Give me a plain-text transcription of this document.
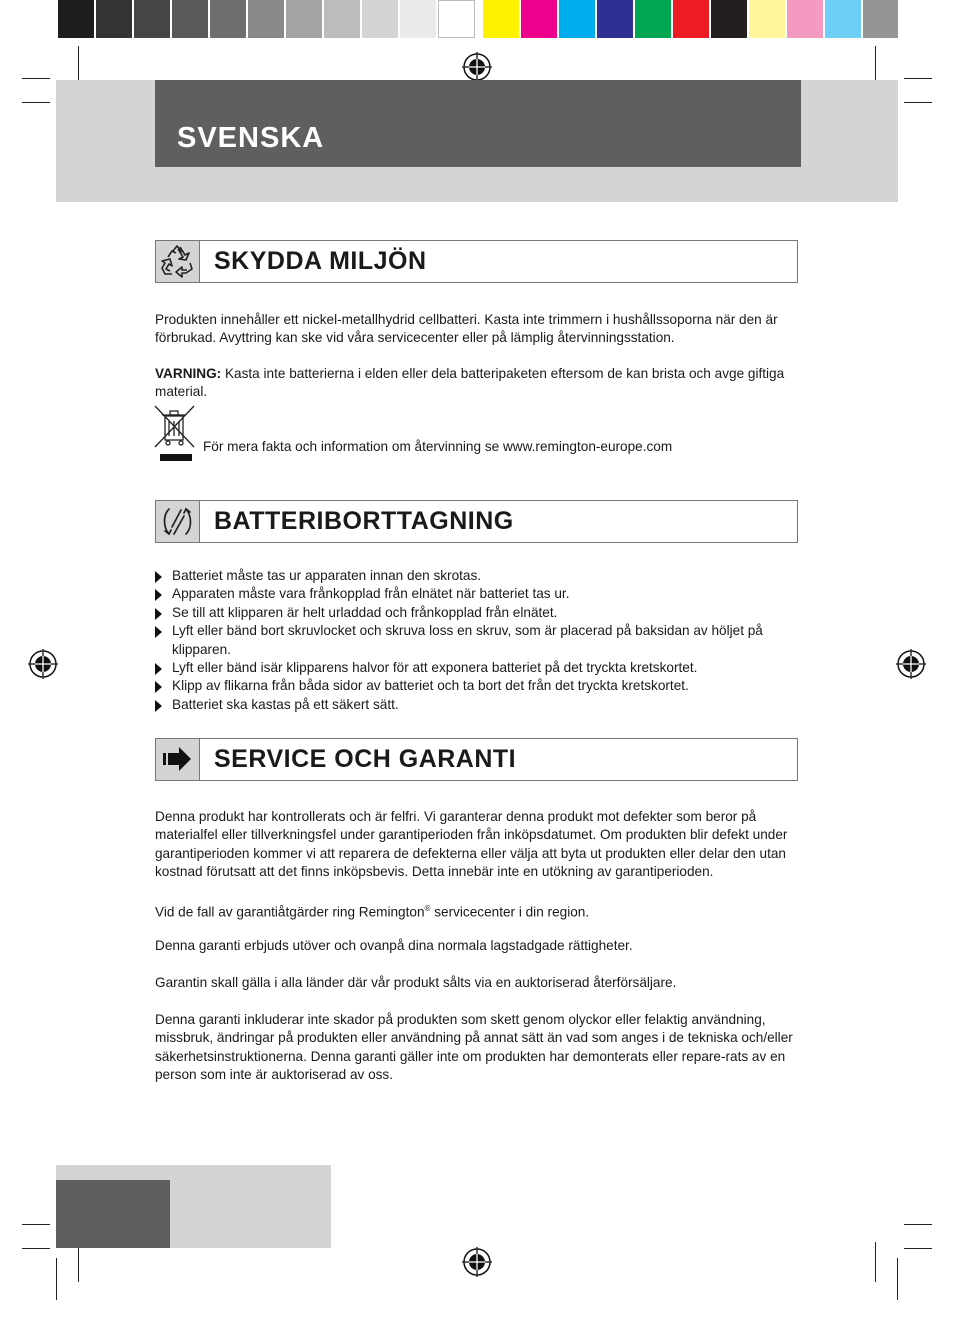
SVENSKA
SKYDDA MILJÖN

Produkten innehåller ett nickel-metallhydrid cellbatteri. Kasta inte trimmern i hushållssoporna när den är förbrukad. Avyttring kan ske vid våra servicecenter eller på lämplig återvinningsstation.

VARNING: Kasta inte batterierna i elden eller dela batteripaketen eftersom de kan brista och avge giftiga material.

För mera fakta och information om återvinning se www.remington-europe.com

BATTERIBORTTAGNING
Batteriet måste tas ur apparaten innan den skrotas.
Apparaten måste vara frånkopplad från elnätet när batteriet tas ur.
Se till att klipparen är helt urladdad och frånkopplad från elnätet.
Lyft eller bänd bort skruvlocket och skruva loss en skruv, som är placerad på baksidan av höljet på klipparen.
Lyft eller bänd isär klipparens halvor för att exponera batteriet på det tryckta kretskortet.
Klipp av flikarna från båda sidor av batteriet och ta bort det från det tryckta kretskortet.
Batteriet ska kastas på ett säkert sätt.
SERVICE OCH GARANTI

Denna produkt har kontrollerats och är felfri. Vi garanterar denna produkt mot defekter som beror på materialfel eller tillverkningsfel under garantiperioden från inköpsdatumet. Om produkten blir defekt under garantiperioden kommer vi att reparera de defekterna eller välja att byta ut produkten eller delar den utan kostnad förutsatt att det finns inköpsbevis. Detta innebär inte en utökning av garantiperioden.

Vid de fall av garantiåtgärder ring Remington® servicecenter i din region.

Denna garanti erbjuds utöver och ovanpå dina normala lagstadgade rättigheter.

Garantin skall gälla i alla länder där vår produkt sålts via en auktoriserad återförsäljare.

Denna garanti inkluderar inte skador på produkten som skett genom olyckor eller felaktig användning, missbruk, ändringar på produkten eller användning på annat sätt än vad som anges i de tekniska och/eller säkerhetsinstruktionerna. Denna garanti gäller inte om produkten har demonterats eller repare-rats av en person som inte är auktoriserad av oss.
